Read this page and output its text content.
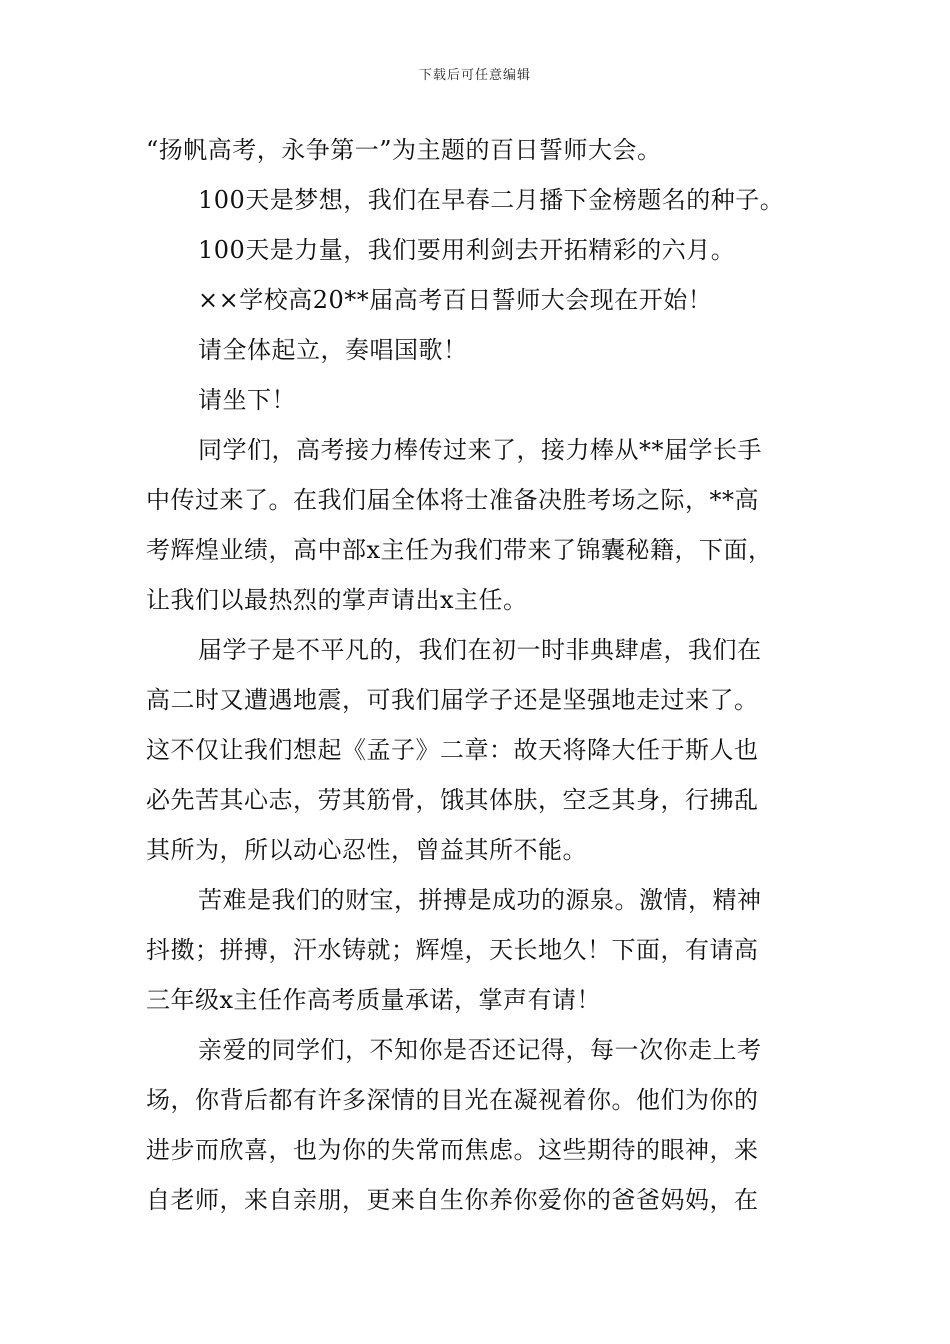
下载后可任意编辑
“扬帆高考，永争第一”为主题的百日誓师大会。
100天是梦想，我们在早春二月播下金榜题名的种子。
100天是力量，我们要用利剑去开拓精彩的六月。
××学校高20**届高考百日誓师大会现在开始！
请全体起立，奏唱国歌！
请坐下！
同学们，高考接力棒传过来了，接力棒从**届学长手
中传过来了。在我们届全体将士准备决胜考场之际，**高
考辉煌业绩，高中部x主任为我们带来了锦囊秘籍，下面，
让我们以最热烈的掌声请出x主任。
届学子是不平凡的，我们在初一时非典肆虐，我们在
高二时又遭遇地震，可我们届学子还是坚强地走过来了。
这不仅让我们想起《孟子》二章：故天将降大任于斯人也
必先苦其心志，劳其筋骨，饿其体肤，空乏其身，行拂乱
其所为，所以动心忍性，曾益其所不能。
苦难是我们的财宝，拼搏是成功的源泉。激情，精神
抖擞；拼搏，汗水铸就；辉煌，天长地久！下面，有请高
三年级x主任作高考质量承诺，掌声有请！
亲爱的同学们，不知你是否还记得，每一次你走上考
场，你背后都有许多深情的目光在凝视着你。他们为你的
进步而欣喜，也为你的失常而焦虑。这些期待的眼神，来
自老师，来自亲朋，更来自生你养你爱你的爸爸妈妈，在
